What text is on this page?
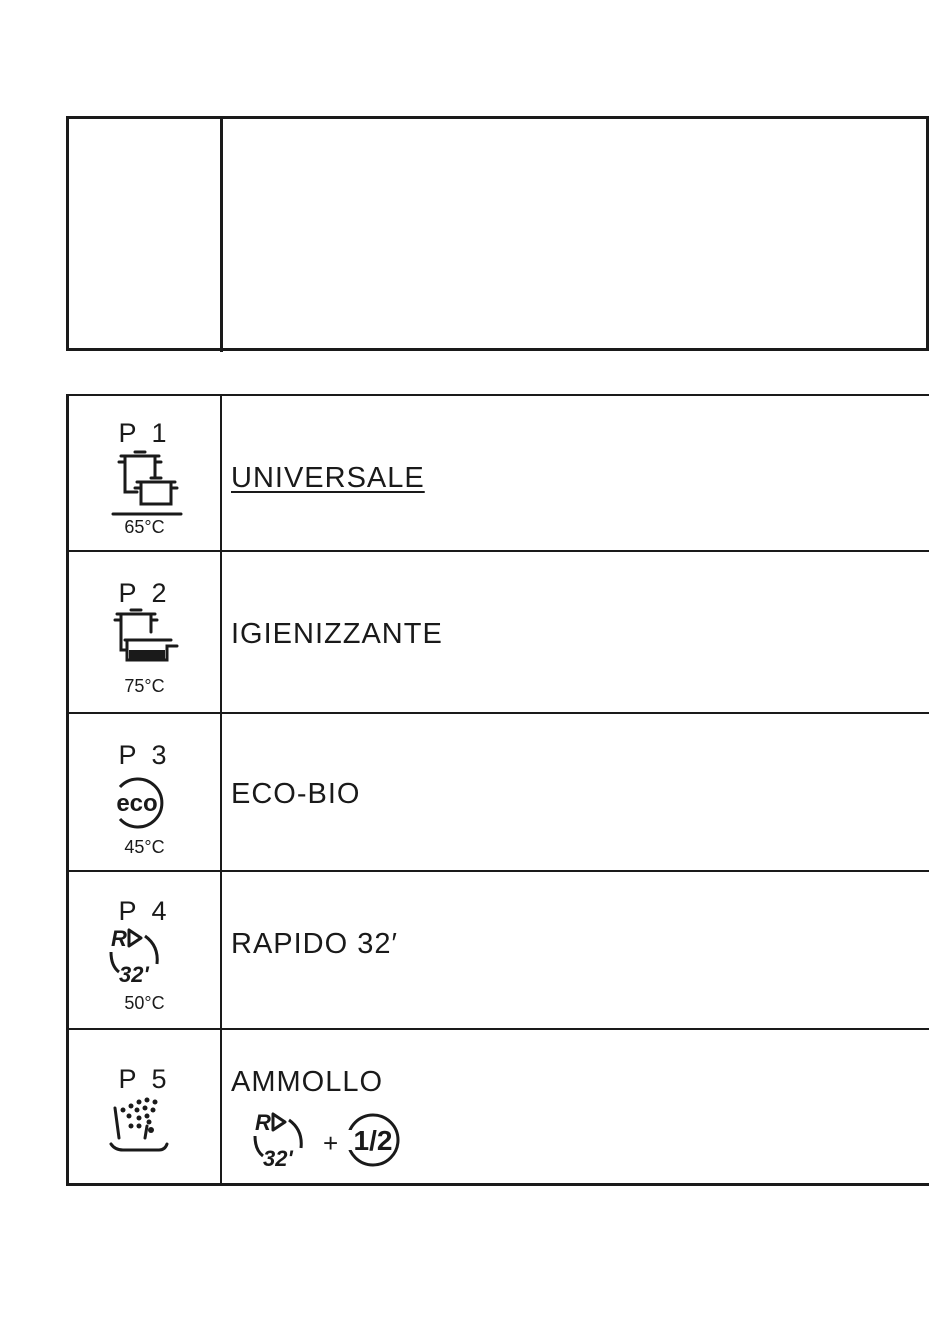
P 1
65°C
UNIVERSALE
P 2
75°C
IGIENIZZANTE
P 3
eco
45°C
ECO-BIO
P 4
R
32'
50°C
RAPIDO 32′
P 5	AMMOLLO
R
32'
+ 1/2
